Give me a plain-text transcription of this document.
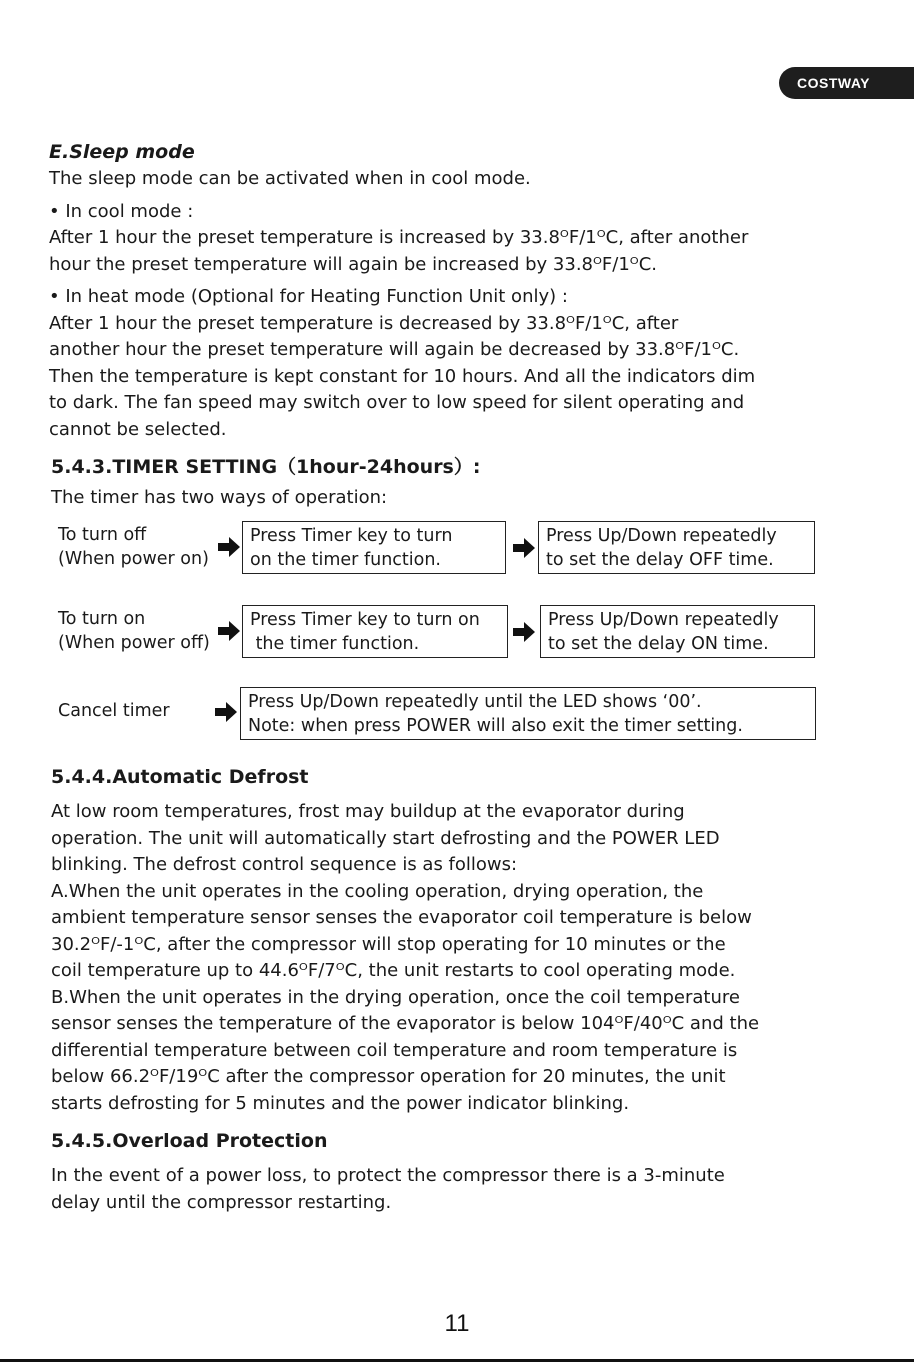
COSTWAY
E.Sleep mode
The sleep mode can be activated when in cool mode.
• In cool mode :
After 1 hour the preset temperature is increased by 33.8ᴼF/1ᴼC, after another
hour the preset temperature will again be increased by 33.8ᴼF/1ᴼC.
• In heat mode (Optional for Heating Function Unit only) :
After 1 hour the preset temperature is decreased by 33.8ᴼF/1ᴼC, after
another hour the preset temperature will again be decreased by 33.8ᴼF/1ᴼC.
Then the temperature is kept constant for 10 hours. And all the indicators dim
to dark. The fan speed may switch over to low speed for silent operating and
cannot be selected.
5.4.3.TIMER SETTING（1hour-24hours）:
The timer has two ways of operation:
To turn off
(When power on)
Press Timer key to turn
on the timer function.
Press Up/Down repeatedly
to set the delay OFF time.
To turn on
(When power off)
Press Timer key to turn on
the timer function.
Press Up/Down repeatedly
to set the delay ON time.
Cancel timer	Press Up/Down repeatedly until the LED shows ‘00’.
Note: when press POWER will also exit the timer setting.
5.4.4.Automatic Defrost
At low room temperatures, frost may buildup at the evaporator during
operation. The unit will automatically start defrosting and the POWER LED
blinking. The defrost control sequence is as follows:
A.When the unit operates in the cooling operation, drying operation, the
ambient temperature sensor senses the evaporator coil temperature is below
30.2ᴼF/-1ᴼC, after the compressor will stop operating for 10 minutes or the
coil temperature up to 44.6ᴼF/7ᴼC, the unit restarts to cool operating mode.
B.When the unit operates in the drying operation, once the coil temperature
sensor senses the temperature of the evaporator is below 104ᴼF/40ᴼC and the
differential temperature between coil temperature and room temperature is
below 66.2ᴼF/19ᴼC after the compressor operation for 20 minutes, the unit
starts defrosting for 5 minutes and the power indicator blinking.
5.4.5.Overload Protection
In the event of a power loss, to protect the compressor there is a 3-minute
delay until the compressor restarting.
11
